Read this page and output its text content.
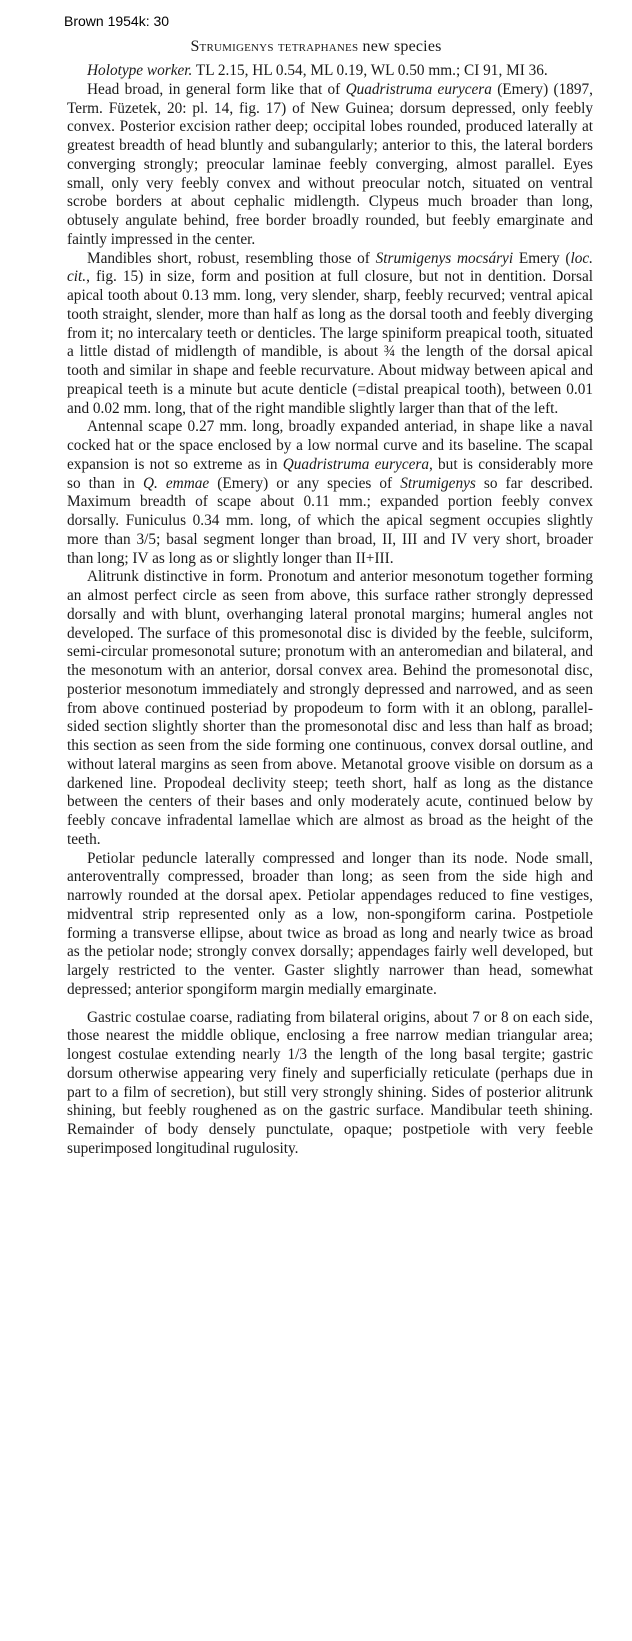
Brown 1954k: 30
Strumigenys tetraphanes new species

Holotype worker. TL 2.15, HL 0.54, ML 0.19, WL 0.50 mm.; CI 91, MI 36.

Head broad, in general form like that of Quadristruma eurycera (Emery) (1897, Term. Füzetek, 20: pl. 14, fig. 17) of New Guinea; dorsum depressed, only feebly convex. Posterior excision rather deep; occipital lobes rounded, produced laterally at greatest breadth of head bluntly and subangularly; anterior to this, the lateral borders converging strongly; preocular laminae feebly converging, almost parallel. Eyes small, only very feebly convex and without preocular notch, situated on ventral scrobe borders at about cephalic midlength. Clypeus much broader than long, obtusely angulate behind, free border broadly rounded, but feebly emarginate and faintly impressed in the center.

Mandibles short, robust, resembling those of Strumigenys mocsáryi Emery (loc. cit., fig. 15) in size, form and position at full closure, but not in dentition. Dorsal apical tooth about 0.13 mm. long, very slender, sharp, feebly recurved; ventral apical tooth straight, slender, more than half as long as the dorsal tooth and feebly diverging from it; no intercalary teeth or denticles. The large spiniform preapical tooth, situated a little distad of midlength of mandible, is about ¾ the length of the dorsal apical tooth and similar in shape and feeble recurvature. About midway between apical and preapical teeth is a minute but acute denticle (=distal preapical tooth), between 0.01 and 0.02 mm. long, that of the right mandible slightly larger than that of the left.

Antennal scape 0.27 mm. long, broadly expanded anteriad, in shape like a naval cocked hat or the space enclosed by a low normal curve and its baseline. The scapal expansion is not so extreme as in Quadristruma eurycera, but is considerably more so than in Q. emmae (Emery) or any species of Strumigenys so far described. Maximum breadth of scape about 0.11 mm.; expanded portion feebly convex dorsally. Funiculus 0.34 mm. long, of which the apical segment occupies slightly more than 3/5; basal segment longer than broad, II, III and IV very short, broader than long; IV as long as or slightly longer than II+III.

Alitrunk distinctive in form. Pronotum and anterior mesonotum together forming an almost perfect circle as seen from above, this surface rather strongly depressed dorsally and with blunt, overhanging lateral pronotal margins; humeral angles not developed. The surface of this promesonotal disc is divided by the feeble, sulciform, semi-circular promesonotal suture; pronotum with an anteromedian and bilateral, and the mesonotum with an anterior, dorsal convex area. Behind the promesonotal disc, posterior mesonotum immediately and strongly depressed and narrowed, and as seen from above continued posteriad by propodeum to form with it an oblong, parallel-sided section slightly shorter than the promesonotal disc and less than half as broad; this section as seen from the side forming one continuous, convex dorsal outline, and without lateral margins as seen from above. Metanotal groove visible on dorsum as a darkened line. Propodeal declivity steep; teeth short, half as long as the distance between the centers of their bases and only moderately acute, continued below by feebly concave infradental lamellae which are almost as broad as the height of the teeth.

Petiolar peduncle laterally compressed and longer than its node. Node small, anteroventrally compressed, broader than long; as seen from the side high and narrowly rounded at the dorsal apex. Petiolar appendages reduced to fine vestiges, midventral strip represented only as a low, non-spongiform carina. Postpetiole forming a transverse ellipse, about twice as broad as long and nearly twice as broad as the petiolar node; strongly convex dorsally; appendages fairly well developed, but largely restricted to the venter. Gaster slightly narrower than head, somewhat depressed; anterior spongiform margin medially emarginate.

Gastric costulae coarse, radiating from bilateral origins, about 7 or 8 on each side, those nearest the middle oblique, enclosing a free narrow median triangular area; longest costulae extending nearly 1/3 the length of the long basal tergite; gastric dorsum otherwise appearing very finely and superficially reticulate (perhaps due in part to a film of secretion), but still very strongly shining. Sides of posterior alitrunk shining, but feebly roughened as on the gastric surface. Mandibular teeth shining. Remainder of body densely punctulate, opaque; postpetiole with very feeble superimposed longitudinal rugulosity.
